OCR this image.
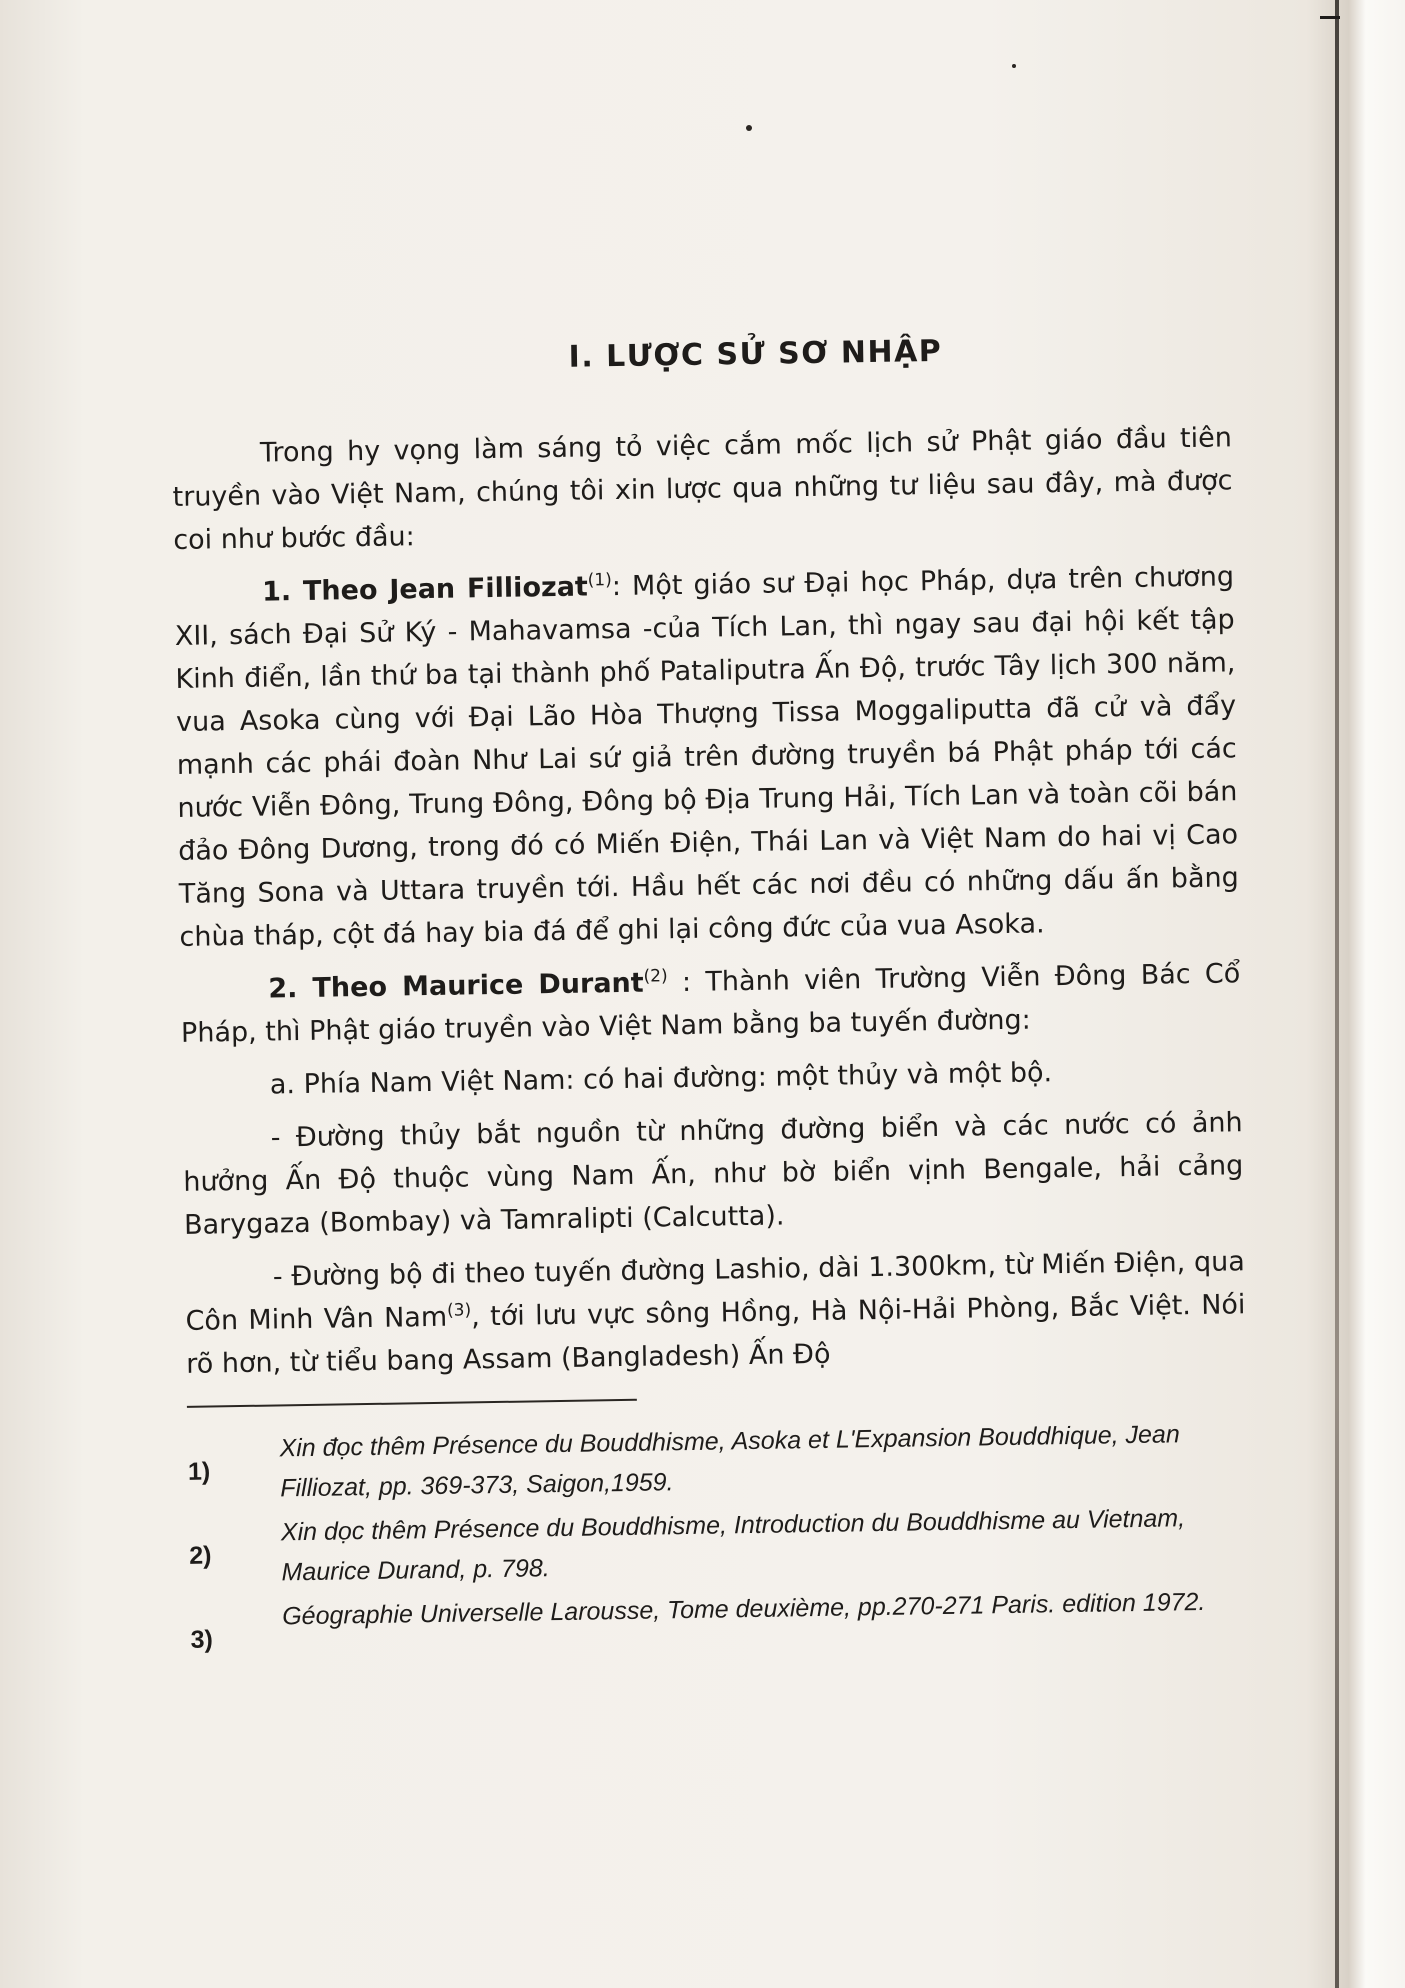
I. LƯỢC SỬ SƠ NHẬP

Trong hy vọng làm sáng tỏ việc cắm mốc lịch sử Phật giáo đầu tiên truyền vào Việt Nam, chúng tôi xin lược qua những tư liệu sau đây, mà được coi như bước đầu:

1. Theo Jean Filliozat$^{(1)}$: Một giáo sư Đại học Pháp, dựa trên chương XII, sách Đại Sử Ký - Mahavamsa -của Tích Lan, thì ngay sau đại hội kết tập Kinh điển, lần thứ ba tại thành phố Pataliputra Ấn Độ, trước Tây lịch 300 năm, vua Asoka cùng với Đại Lão Hòa Thượng Tissa Moggaliputta đã cử và đẩy mạnh các phái đoàn Như Lai sứ giả trên đường truyền bá Phật pháp tới các nước Viễn Đông, Trung Đông, Đông bộ Địa Trung Hải, Tích Lan và toàn cõi bán đảo Đông Dương, trong đó có Miến Điện, Thái Lan và Việt Nam do hai vị Cao Tăng Sona và Uttara truyền tới. Hầu hết các nơi đều có những dấu ấn bằng chùa tháp, cột đá hay bia đá để ghi lại công đức của vua Asoka.

2. Theo Maurice Durant$^{(2)}$ : Thành viên Trường Viễn Đông Bác Cổ Pháp, thì Phật giáo truyền vào Việt Nam bằng ba tuyến đường:

a. Phía Nam Việt Nam: có hai đường: một thủy và một bộ.

- Đường thủy bắt nguồn từ những đường biển và các nước có ảnh hưởng Ấn Độ thuộc vùng Nam Ấn, như bờ biển vịnh Bengale, hải cảng Barygaza (Bombay) và Tamralipti (Calcutta).

- Đường bộ đi theo tuyến đường Lashio, dài 1.300km, từ Miến Điện, qua Côn Minh Vân Nam$^{(3)}$, tới lưu vực sông Hồng, Hà Nội-Hải Phòng, Bắc Việt. Nói rõ hơn, từ tiểu bang Assam (Bangladesh) Ấn Độ

1)
Xin đọc thêm Présence du Bouddhisme, Asoka et L'Expansion Bouddhique, Jean Filliozat, pp. 369-373, Saigon,1959.
2)
Xin dọc thêm Présence du Bouddhisme, Introduction du Bouddhisme au Vietnam, Maurice Durand, p. 798.
3)
Géographie Universelle Larousse, Tome deuxième, pp.270-271 Paris. edition 1972.
